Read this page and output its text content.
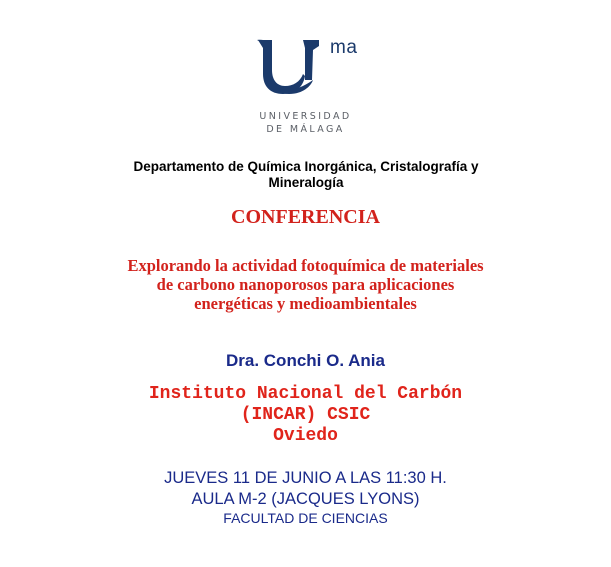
ma
UNIVERSIDAD
DE MÁLAGA
Departamento de Química Inorgánica, Cristalografía y
Mineralogía
CONFERENCIA
Explorando la actividad fotoquímica de materiales
de carbono nanoporosos para aplicaciones
energéticas y medioambientales
Dra. Conchi O. Ania
Instituto Nacional del Carbón
(INCAR) CSIC
Oviedo
JUEVES 11 DE JUNIO A LAS 11:30 H.
AULA M-2 (JACQUES LYONS)
FACULTAD DE CIENCIAS
